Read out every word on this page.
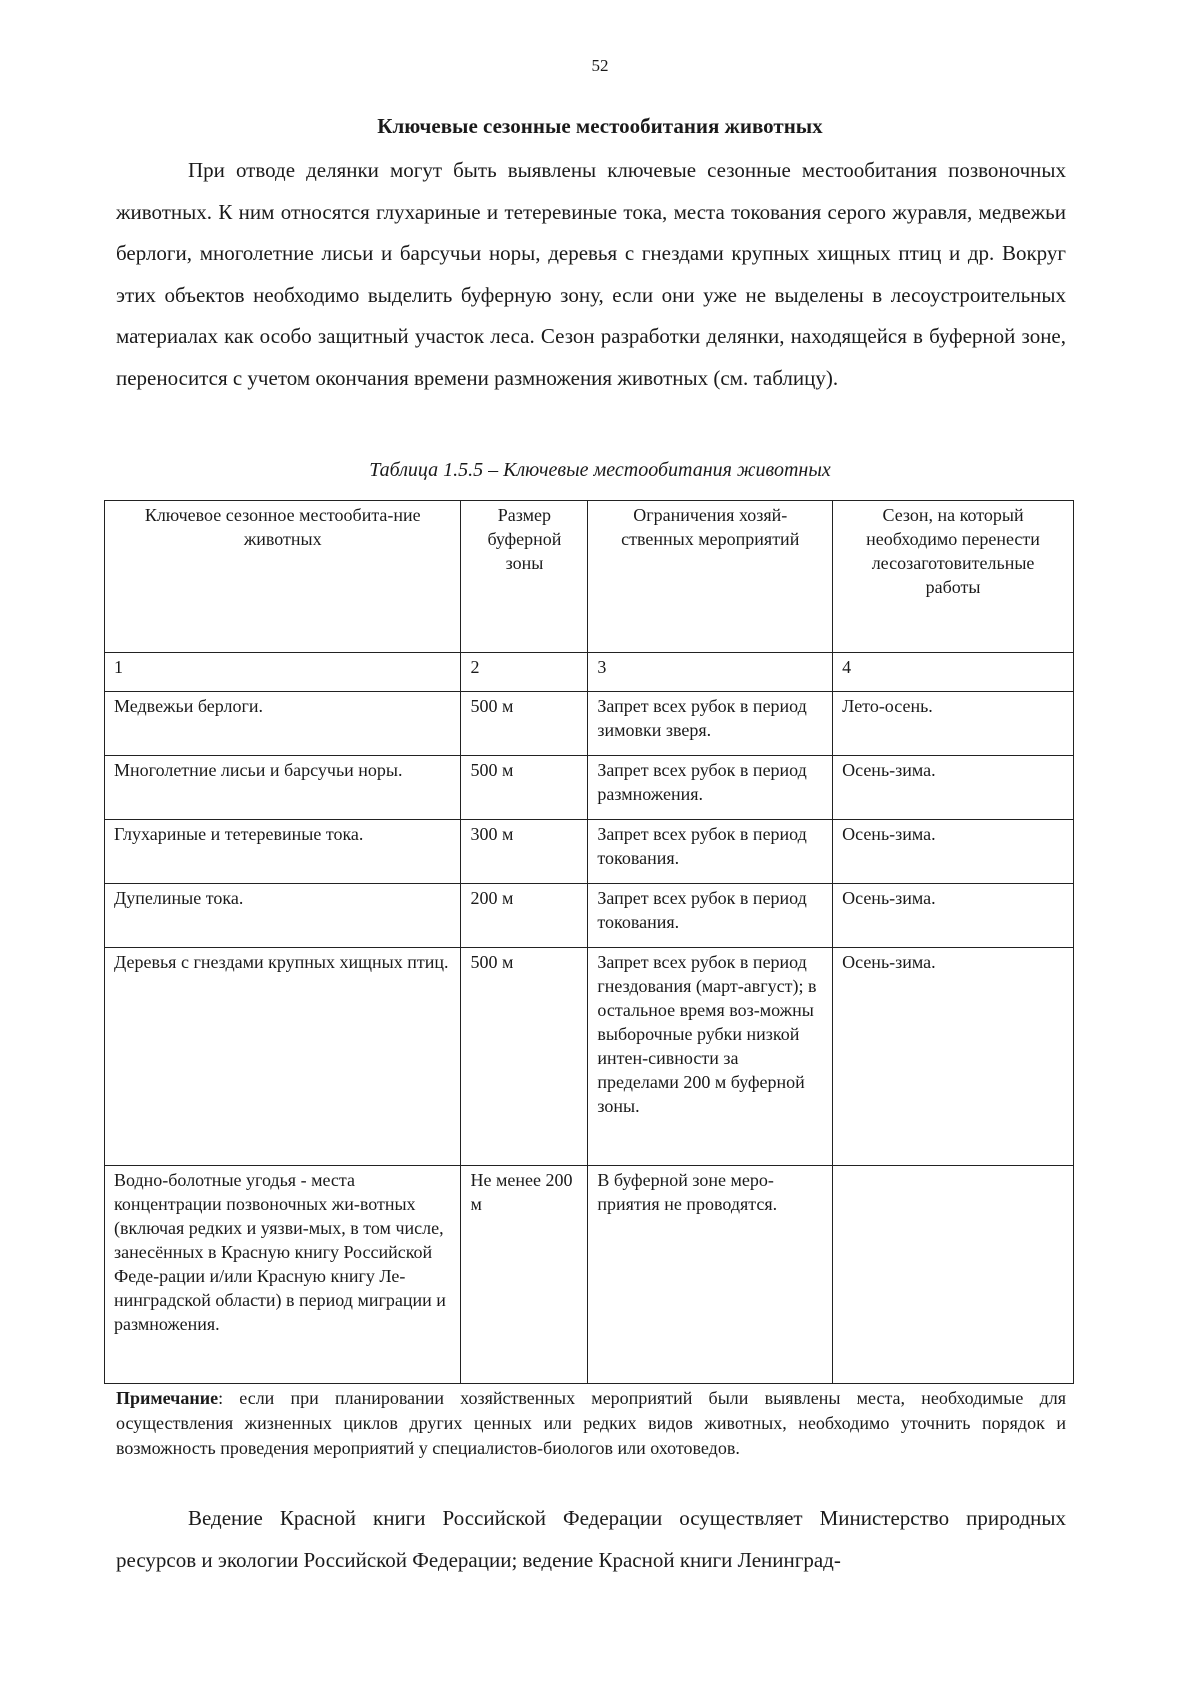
52
Ключевые сезонные местообитания животных

При отводе делянки могут быть выявлены ключевые сезонные местообитания позвоночных животных. К ним относятся глухариные и тетеревиные тока, места токования серого журавля, медвежьи берлоги, многолетние лисьи и барсучьи норы, деревья с гнездами крупных хищных птиц и др. Вокруг этих объектов необходимо выделить буферную зону, если они уже не выделены в лесоустроительных материалах как особо защитный участок леса. Сезон разработки делянки, находящейся в буферной зоне, переносится с учетом окончания времени размножения животных (см. таблицу).

Таблица 1.5.5 – Ключевые местообитания животных
Ключевое сезонное местообита-ние животных	Размер буферной зоны	Ограничения хозяй-ственных мероприятий	Сезон, на который необходимо перенести лесозаготовительные работы
1	2	3	4
Медвежьи берлоги.	500 м	Запрет всех рубок в период зимовки зверя.	Лето-осень.
Многолетние лисьи и барсучьи норы.	500 м	Запрет всех рубок в период размножения.	Осень-зима.
Глухариные и тетеревиные тока.	300 м	Запрет всех рубок в период токования.	Осень-зима.
Дупелиные тока.	200 м	Запрет всех рубок в период токования.	Осень-зима.
Деревья с гнездами крупных хищных птиц.	500 м	Запрет всех рубок в период гнездования (март-август); в остальное время воз-можны выборочные рубки низкой интен-сивности за пределами 200 м буферной зоны.	Осень-зима.
Водно-болотные угодья - места концентрации позвоночных жи-вотных (включая редких и уязви-мых, в том числе, занесённых в Красную книгу Российской Феде-рации и/или Красную книгу Ле-нинградской области) в период миграции и размножения.	Не менее 200 м	В буферной зоне меро-приятия не проводятся.	

Примечание: если при планировании хозяйственных мероприятий были выявлены места, необходимые для осуществления жизненных циклов других ценных или редких видов животных, необходимо уточнить порядок и возможность проведения мероприятий у специалистов-биологов или охотоведов.

Ведение Красной книги Российской Федерации осуществляет Министерство природных ресурсов и экологии Российской Федерации; ведение Красной книги Ленинград-
